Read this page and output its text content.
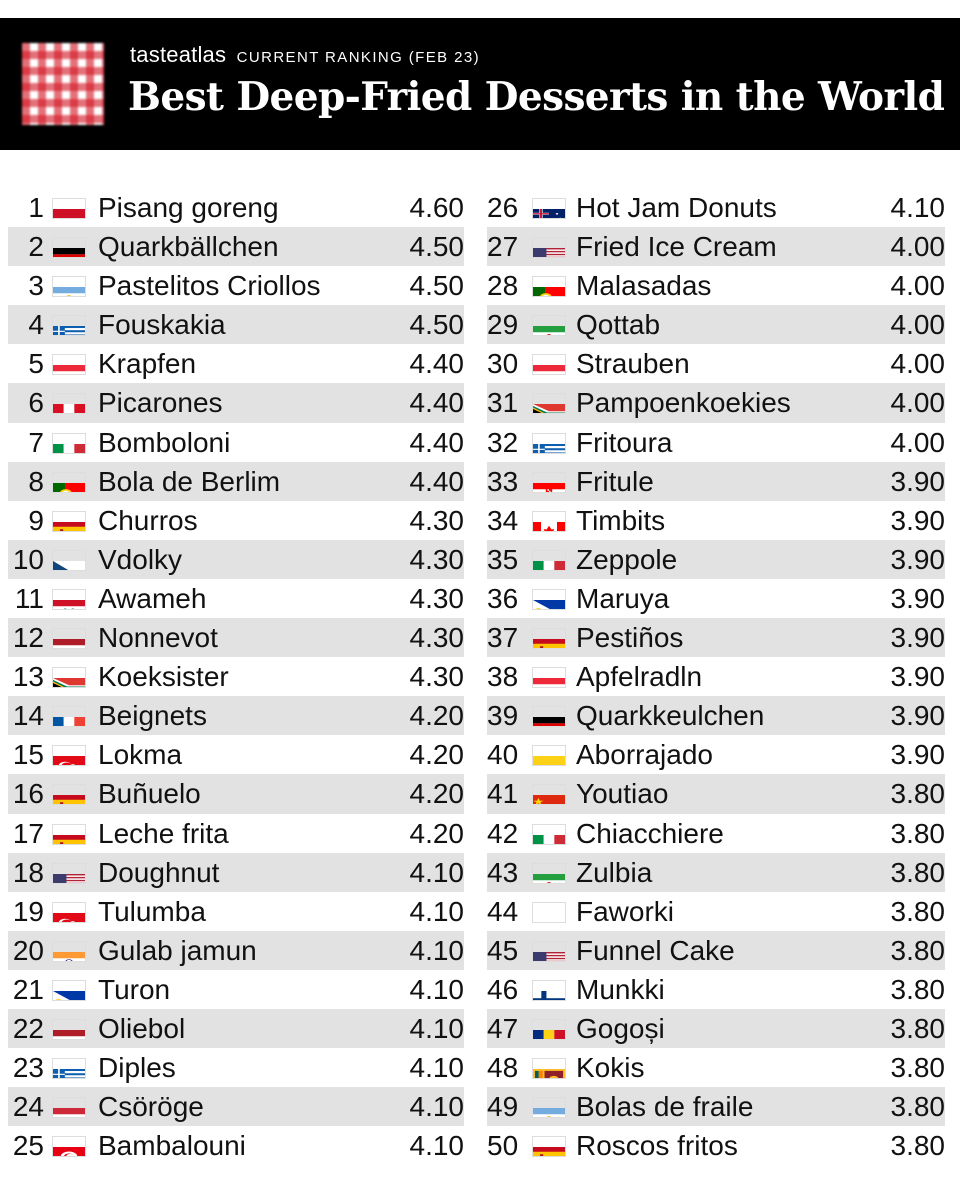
tasteatlas CURRENT RANKING (FEB 23)
Best Deep-Fried Desserts in the World
1 Pisang goreng	4.60
2 Quarkbällchen	4.50
3 Pastelitos Criollos	4.50
4 Fouskakia	4.50
5 Krapfen	4.40
6 Picarones	4.40
7 Bomboloni	4.40
8 Bola de Berlim	4.40
9 Churros	4.30
10 Vdolky	4.30
11 Awameh	4.30
12 Nonnevot	4.30
13 Koeksister	4.30
14 Beignets	4.20
15 Lokma	4.20
16 Buñuelo	4.20
17 Leche frita	4.20
18 Doughnut	4.10
19 Tulumba	4.10
20 Gulab jamun	4.10
21 Turon	4.10
22 Oliebol	4.10
23 Diples	4.10
24 Csöröge	4.10
25 Bambalouni	4.10
26 Hot Jam Donuts	4.10
27 Fried Ice Cream	4.00
28 Malasadas	4.00
29 Qottab	4.00
30 Strauben	4.00
31 Pampoenkoekies	4.00
32 Fritoura	4.00
33 Fritule	3.90
34 Timbits	3.90
35 Zeppole	3.90
36 Maruya	3.90
37 Pestiños	3.90
38 Apfelradln	3.90
39 Quarkkeulchen	3.90
40 Aborrajado	3.90
41 Youtiao	3.80
42 Chiacchiere	3.80
43 Zulbia	3.80
44 Faworki	3.80
45 Funnel Cake	3.80
46 Munkki	3.80
47 Gogoși	3.80
48 Kokis	3.80
49 Bolas de fraile	3.80
50 Roscos fritos	3.80
